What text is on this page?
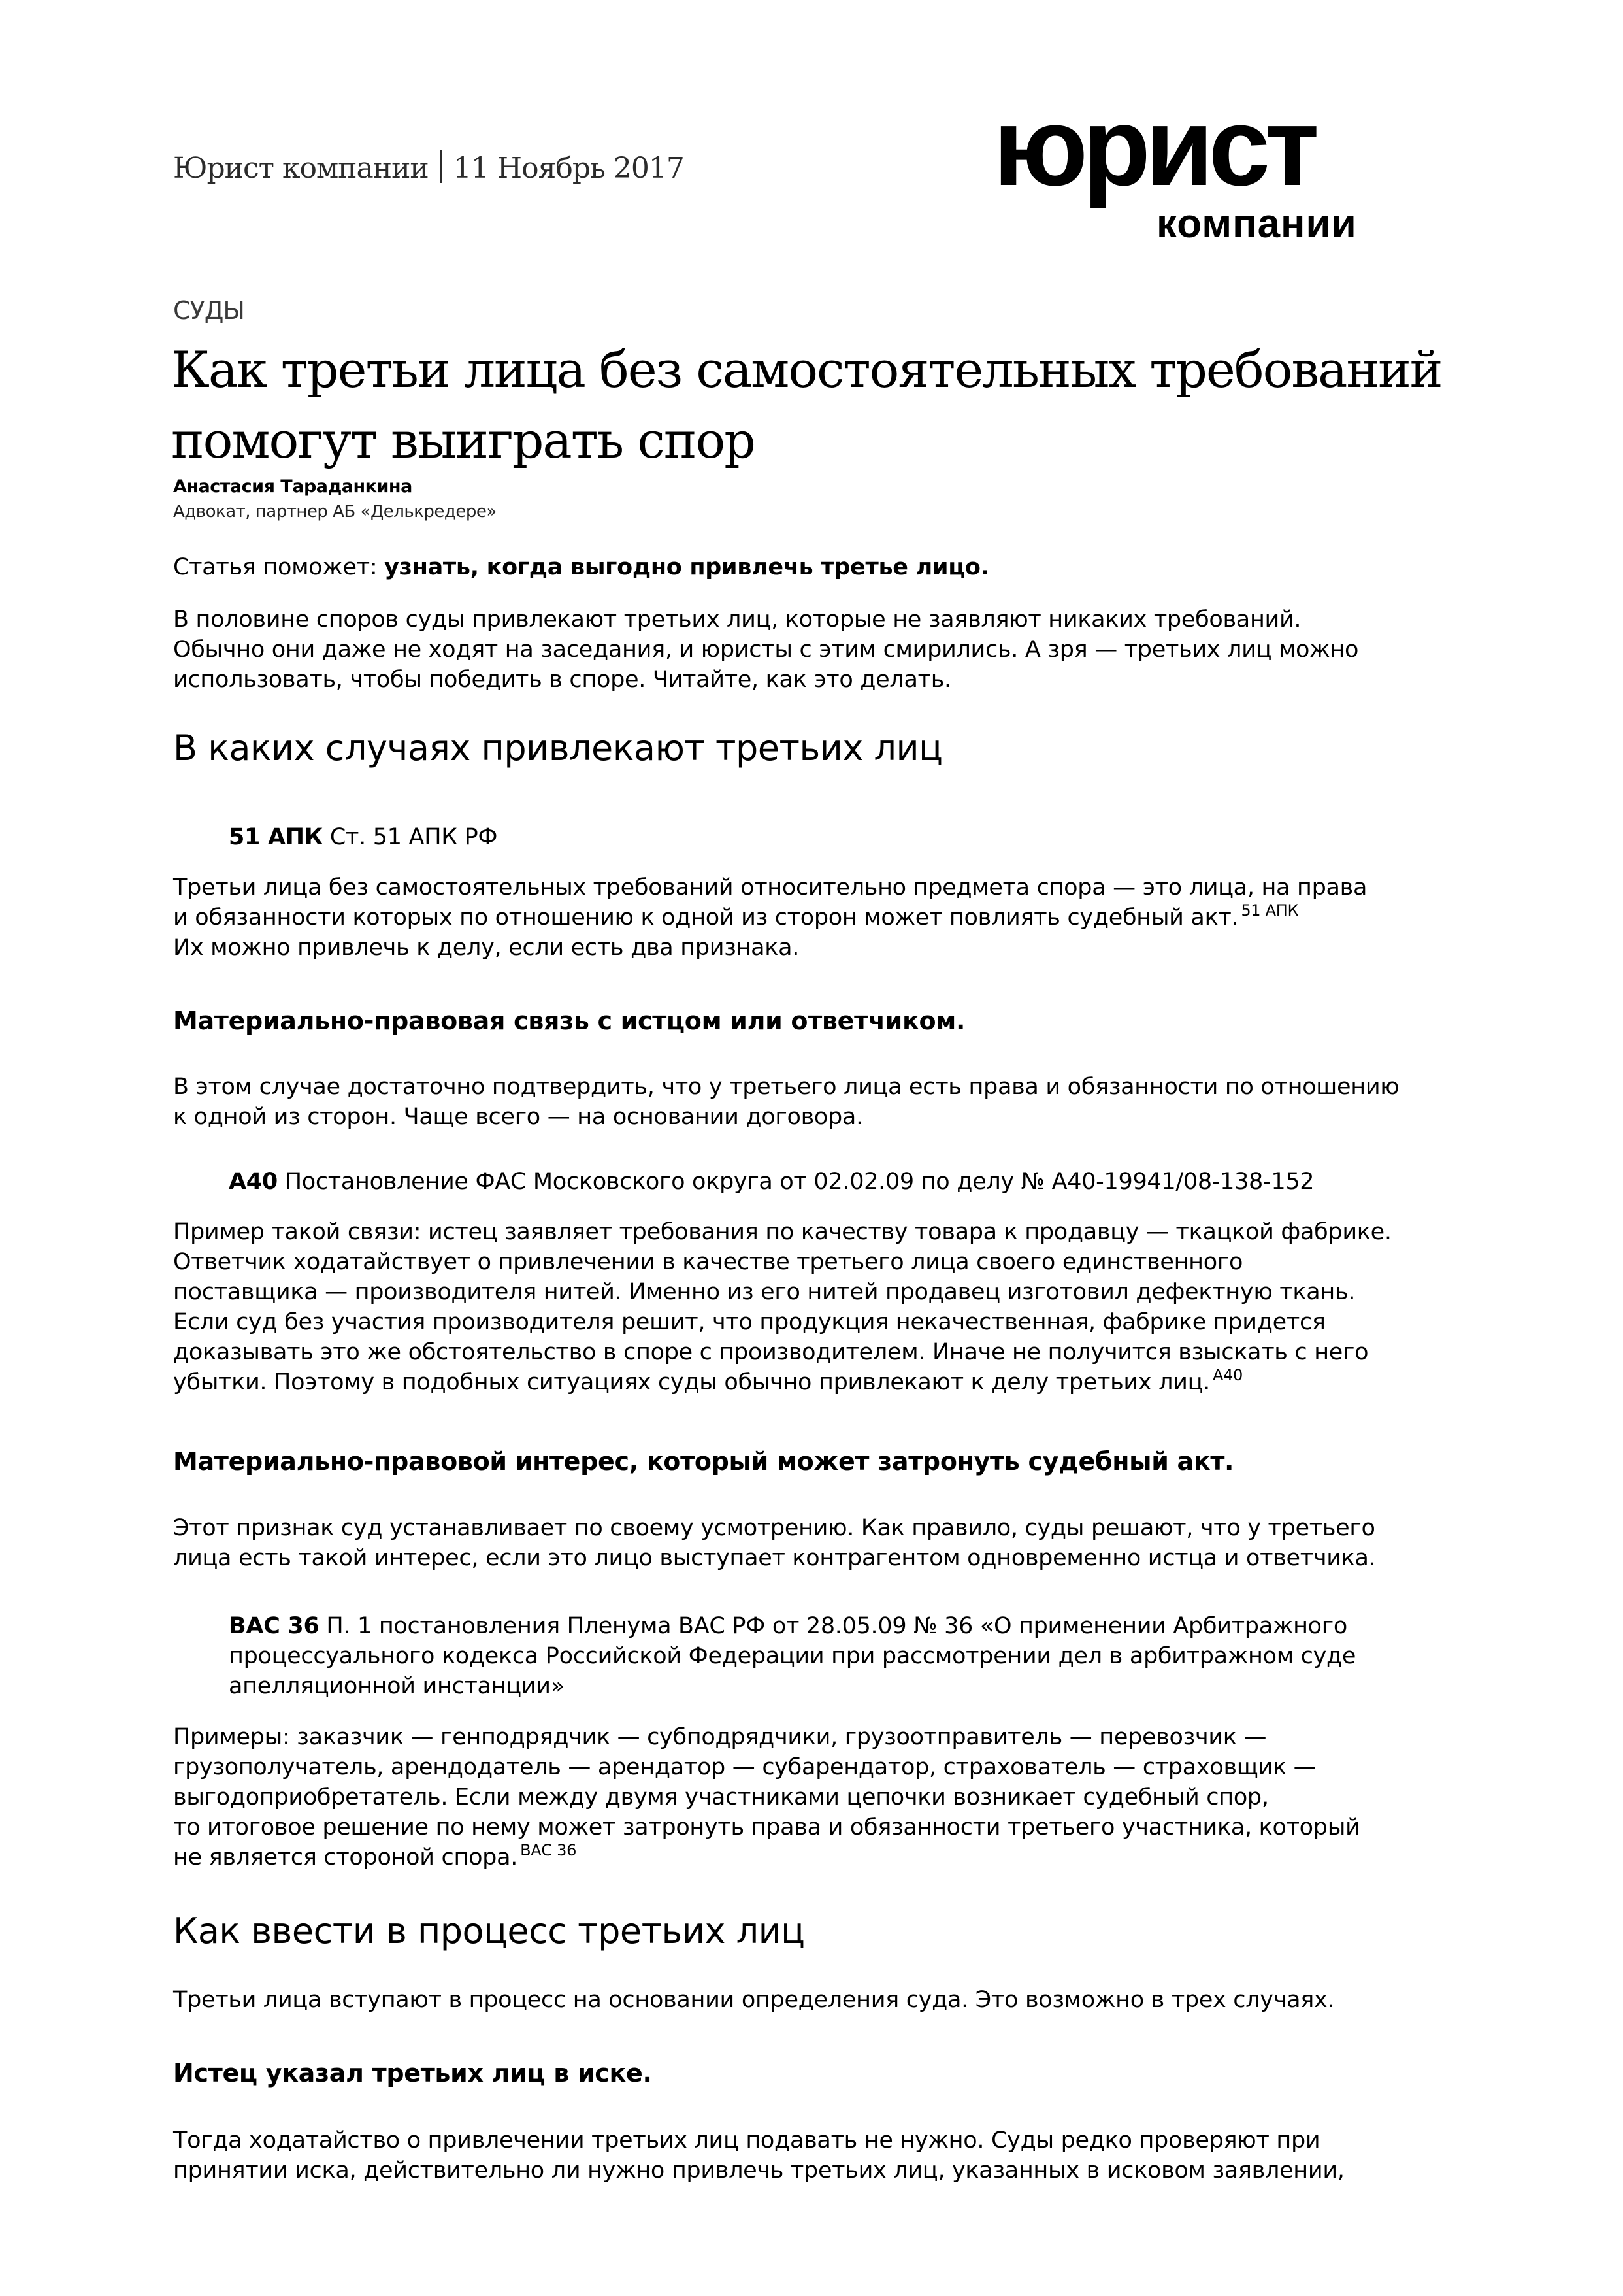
Юрист компании 11 Ноябрь 2017	юрист
компании
СУДЫ
Как третьи лица без самостоятельных требований
помогут выиграть спор
Анастасия Тараданкина
Адвокат, партнер АБ «Делькредере»
Статья поможет: узнать, когда выгодно привлечь третье лицо.

В половине споров суды привлекают третьих лиц, которые не заявляют никаких требований.
Обычно они даже не ходят на заседания, и юристы с этим смирились. А зря — третьих лиц можно
использовать, чтобы победить в споре. Читайте, как это делать.

В каких случаях привлекают третьих лиц

51 АПК Ст. 51 АПК РФ

Третьи лица без самостоятельных требований относительно предмета спора — это лица, на права
и обязанности которых по отношению к одной из сторон может повлиять судебный акт. $^{51 АПК}$
Их можно привлечь к делу, если есть два признака.

Материально-правовая связь с истцом или ответчиком.

В этом случае достаточно подтвердить, что у третьего лица есть права и обязанности по отношению
к одной из сторон. Чаще всего — на основании договора.

А40 Постановление ФАС Московского округа от 02.02.09 по делу № А40-19941/08-138-152

Пример такой связи: истец заявляет требования по качеству товара к продавцу — ткацкой фабрике.
Ответчик ходатайствует о привлечении в качестве третьего лица своего единственного
поставщика — производителя нитей. Именно из его нитей продавец изготовил дефектную ткань.
Если суд без участия производителя решит, что продукция некачественная, фабрике придется
доказывать это же обстоятельство в споре с производителем. Иначе не получится взыскать с него
убытки. Поэтому в подобных ситуациях суды обычно привлекают к делу третьих лиц. $^{А40}$

Материально-правовой интерес, который может затронуть судебный акт.

Этот признак суд устанавливает по своему усмотрению. Как правило, суды решают, что у третьего
лица есть такой интерес, если это лицо выступает контрагентом одновременно истца и ответчика.

ВАС 36 П. 1 постановления Пленума ВАС РФ от 28.05.09 № 36 «О применении Арбитражного
процессуального кодекса Российской Федерации при рассмотрении дел в арбитражном суде
апелляционной инстанции»

Примеры: заказчик — генподрядчик — субподрядчики, грузоотправитель — перевозчик —
грузополучатель, арендодатель — арендатор — субарендатор, страхователь — страховщик —
выгодоприобретатель. Если между двумя участниками цепочки возникает судебный спор,
то итоговое решение по нему может затронуть права и обязанности третьего участника, который
не является стороной спора. $^{ВАС 36}$

Как ввести в процесс третьих лиц

Третьи лица вступают в процесс на основании определения суда. Это возможно в трех случаях.

Истец указал третьих лиц в иске.

Тогда ходатайство о привлечении третьих лиц подавать не нужно. Суды редко проверяют при
принятии иска, действительно ли нужно привлечь третьих лиц, указанных в исковом заявлении,
